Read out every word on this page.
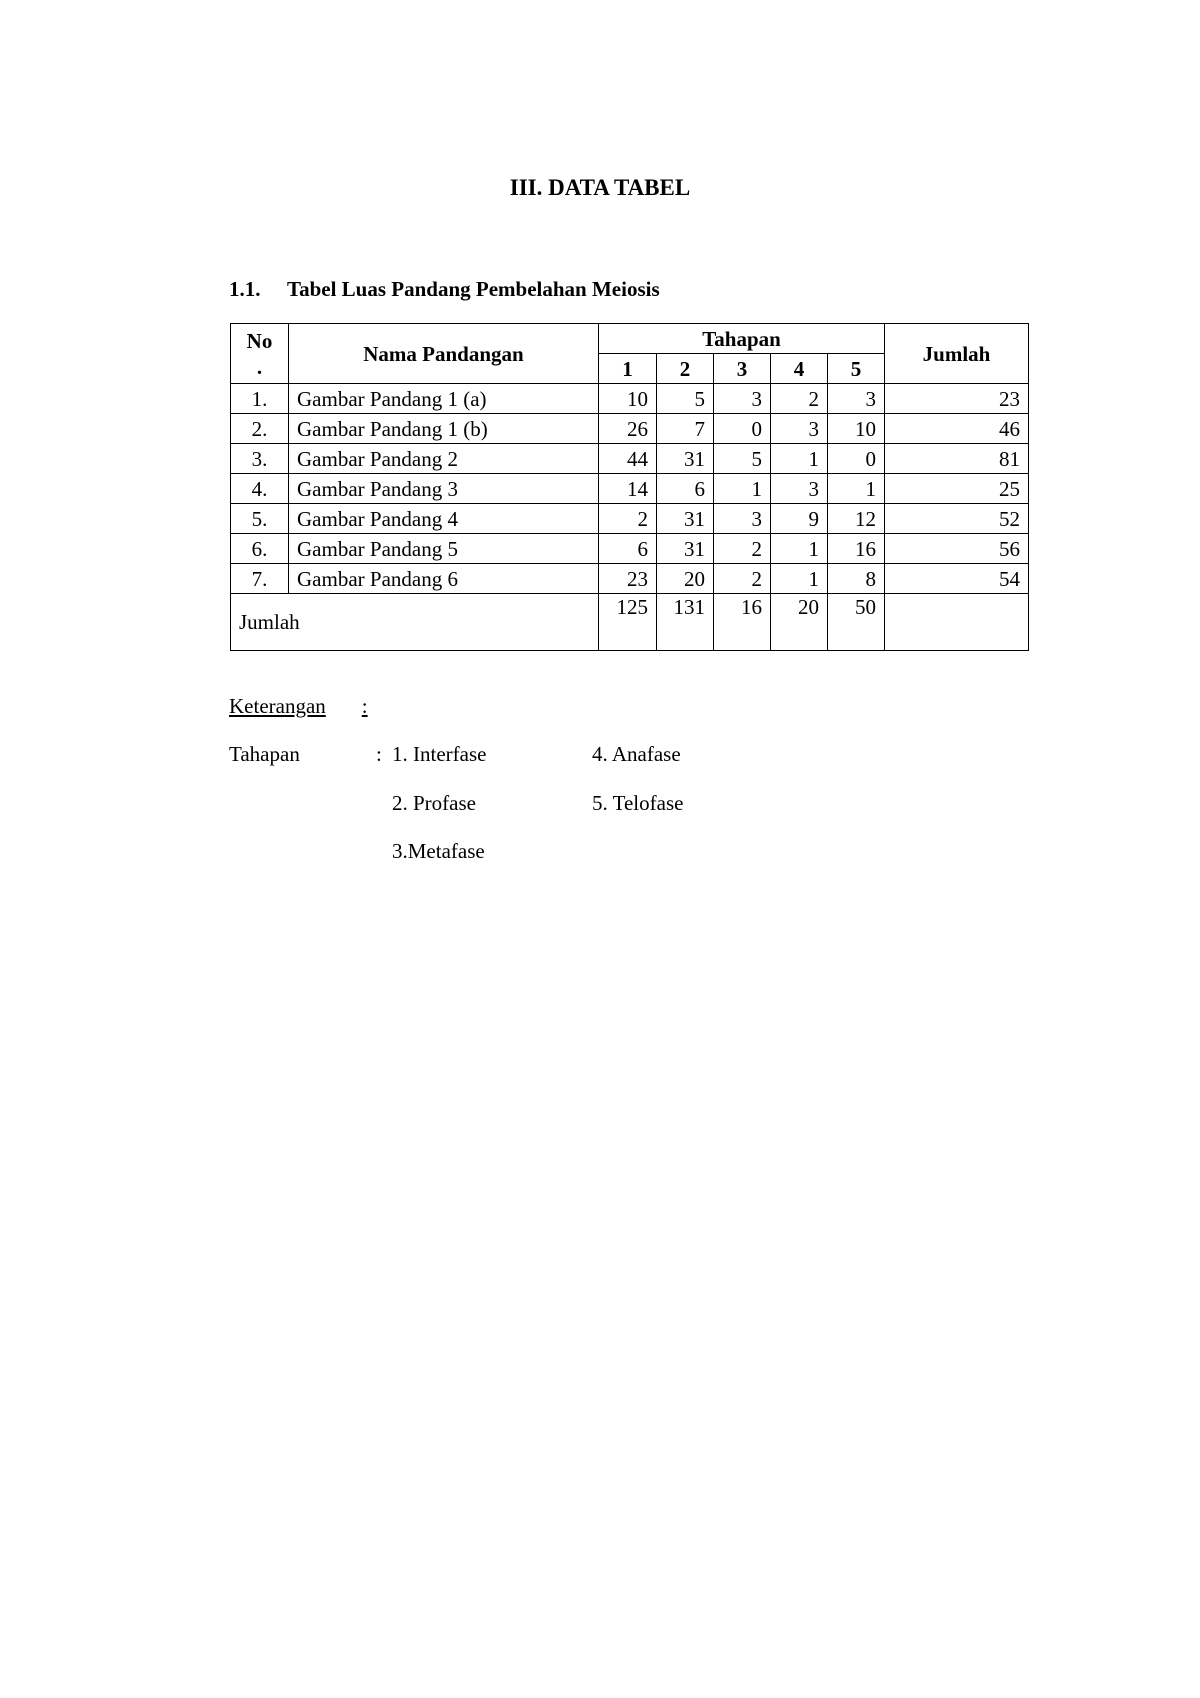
III. DATA TABEL

1.1. Tabel Luas Pandang Pembelahan Meiosis

No
.	Nama Pandangan	Tahapan					Jumlah
		1	2	3	4	5	
1.	Gambar Pandang 1 (a)	10	5	3	2	3	23
2.	Gambar Pandang 1 (b)	26	7	0	3	10	46
3.	Gambar Pandang 2	44	31	5	1	0	81
4.	Gambar Pandang 3	14	6	1	3	1	25
5.	Gambar Pandang 4	2	31	3	9	12	52
6.	Gambar Pandang 5	6	31	2	1	16	56
7.	Gambar Pandang 6	23	20	2	1	8	54
Jumlah		125	131	16	20	50	
Keterangan :
Tahapan	: 1. Interfase
2. Profase
3.Metafase
4. Anafase
5. Telofase
